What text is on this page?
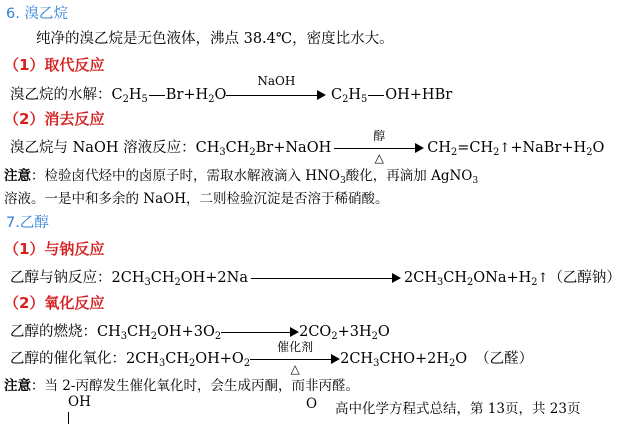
6. 溴乙烷
纯净的溴乙烷是无色液体，沸点 38.4℃，密度比水大。
（1）取代反应
溴乙烷的水解：$C_2H_5$ $Br+H_2O$
NaOH
$C_2H_5$ OH+HBr
（2）消去反应
溴乙烷与 NaOH 溶液反应：$CH_3CH_2Br+NaOH$
醇
△
$CH_2=CH_2↑+NaBr+H_2O$
注意：检验卤代烃中的卤原子时，需取水解液滴入 $HNO_3$酸化，再滴加 AgNO$_3$
溶液。一是中和多余的 NaOH，二则检验沉淀是否溶于稀硝酸。
7.乙醇
（1）与钠反应
乙醇与钠反应：$2CH_3CH_2OH+2Na$	$2CH_3CH_2ONa+H_2↑$（乙醇钠）
（2）氧化反应
乙醇的燃烧：$CH_3CH_2OH+3O_2$	$2CO_2+3H_2O$
乙醇的催化氧化：$2CH_3CH_2OH+O_2$
催化剂
△
$2CH_3CHO+2H_2O$ （乙醛）
注意：当 2-丙醇发生催化氧化时，会生成丙酮，而非丙醛。
OH	O 高中化学方程式总结，第 13页，共 23页
